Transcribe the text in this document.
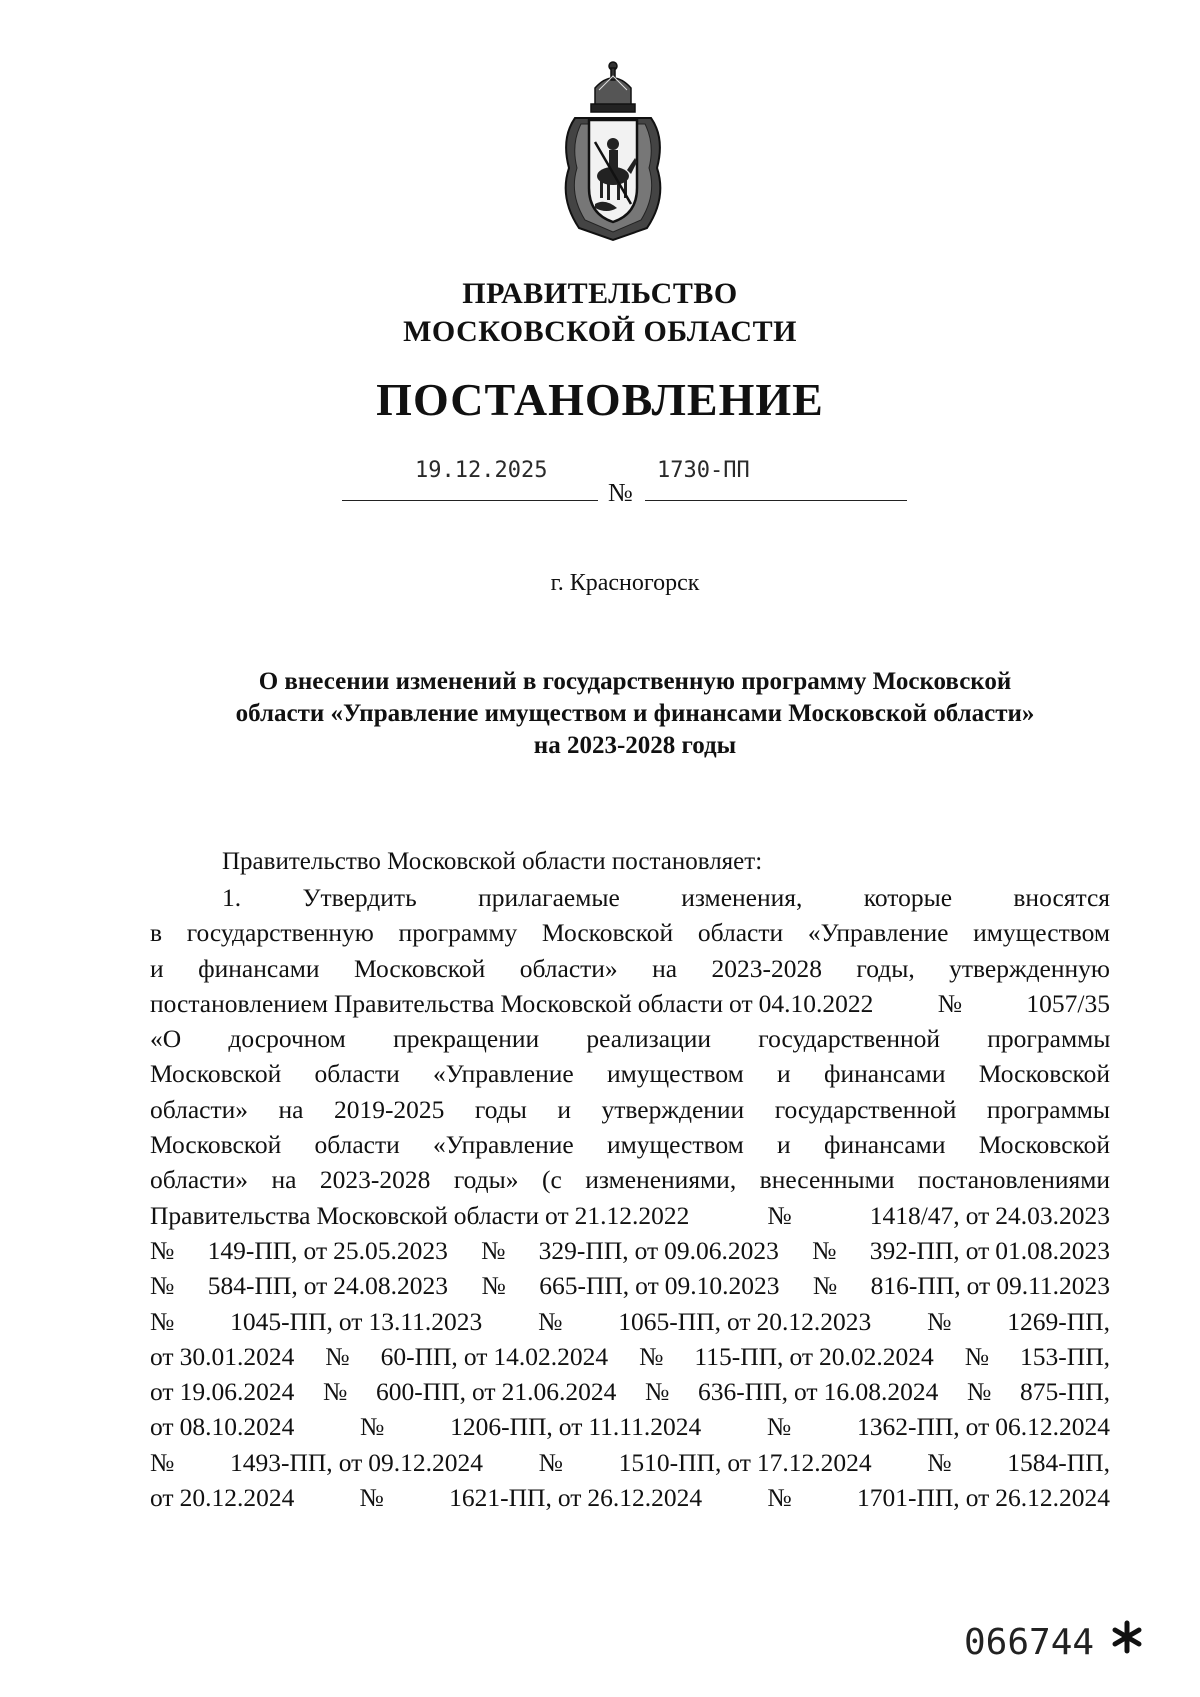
ПРАВИТЕЛЬСТВО
МОСКОВСКОЙ ОБЛАСТИ
ПОСТАНОВЛЕНИЕ
19.12.2025
№
1730-ПП
г. Красногорск
О внесении изменений в государственную программу Московской
области «Управление имуществом и финансами Московской области»
на 2023-2028 годы
Правительство Московской области постановляет:
1. Утвердить прилагаемые изменения, которые вносятся
в государственную программу Московской области «Управление имуществом
и финансами Московской области» на 2023-2028 годы, утвержденную
постановлением Правительства Московской области от 04.10.2022 № 1057/35
«О досрочном прекращении реализации государственной программы
Московской области «Управление имуществом и финансами Московской
области» на 2019-2025 годы и утверждении государственной программы
Московской области «Управление имуществом и финансами Московской
области» на 2023-2028 годы» (с изменениями, внесенными постановлениями
Правительства Московской области от 21.12.2022 № 1418/47, от 24.03.2023
№ 149-ПП, от 25.05.2023 № 329-ПП, от 09.06.2023 № 392-ПП, от 01.08.2023
№ 584-ПП, от 24.08.2023 № 665-ПП, от 09.10.2023 № 816-ПП, от 09.11.2023
№ 1045-ПП, от 13.11.2023 № 1065-ПП, от 20.12.2023 № 1269-ПП,
от 30.01.2024 № 60-ПП, от 14.02.2024 № 115-ПП, от 20.02.2024 № 153-ПП,
от 19.06.2024 № 600-ПП, от 21.06.2024 № 636-ПП, от 16.08.2024 № 875-ПП,
от 08.10.2024 № 1206-ПП, от 11.11.2024 № 1362-ПП, от 06.12.2024
№ 1493-ПП, от 09.12.2024 № 1510-ПП, от 17.12.2024 № 1584-ПП,
от 20.12.2024 № 1621-ПП, от 26.12.2024 № 1701-ПП, от 26.12.2024
066744
